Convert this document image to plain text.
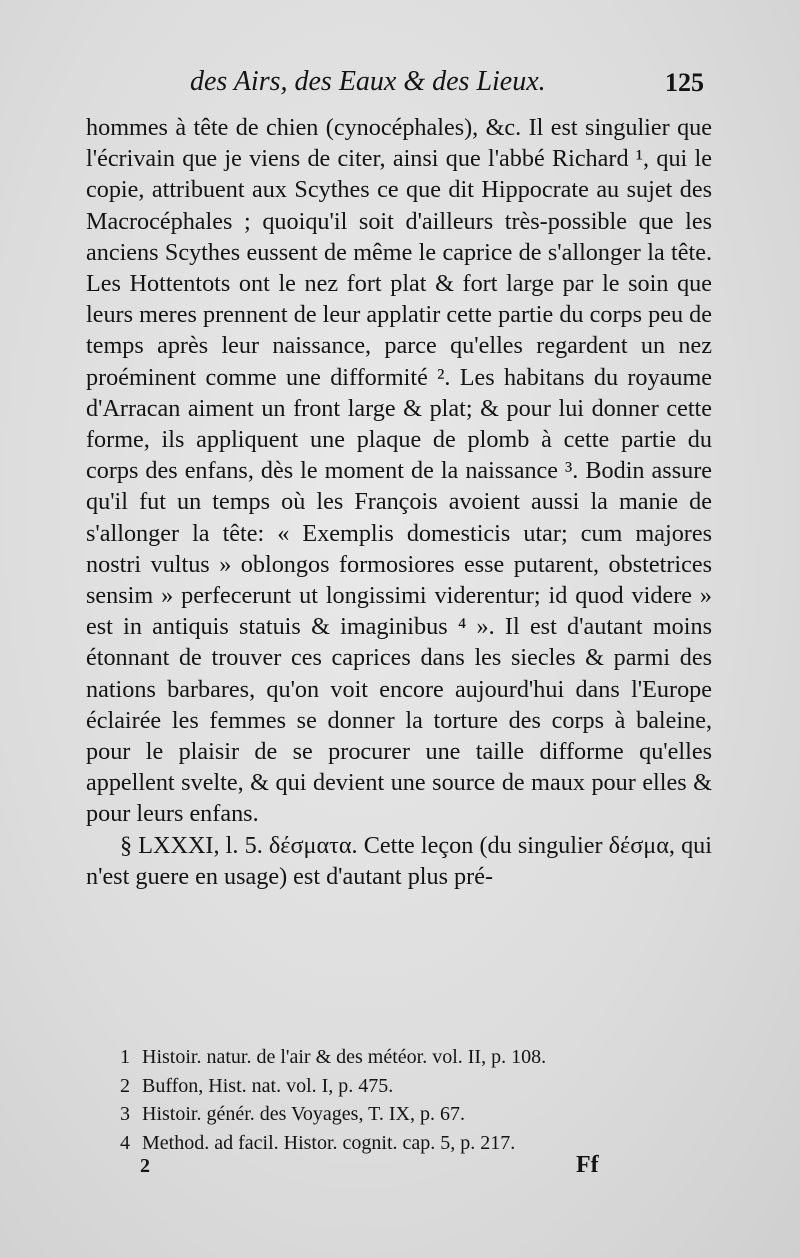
des Airs, des Eaux & des Lieux.	125

hommes à tête de chien (cynocéphales), &c. Il est singulier que l'écrivain que je viens de citer, ainsi que l'abbé Richard ¹, qui le copie, attribuent aux Scythes ce que dit Hippocrate au sujet des Macrocéphales ; quoiqu'il soit d'ailleurs très-possible que les anciens Scythes eussent de même le caprice de s'allonger la tête. Les Hottentots ont le nez fort plat & fort large par le soin que leurs meres prennent de leur applatir cette partie du corps peu de temps après leur naissance, parce qu'elles regardent un nez proéminent comme une difformité ². Les habitans du royaume d'Arracan aiment un front large & plat; & pour lui donner cette forme, ils appliquent une plaque de plomb à cette partie du corps des enfans, dès le moment de la naissance ³. Bodin assure qu'il fut un temps où les François avoient aussi la manie de s'allonger la tête: « Exemplis domesticis utar; cum majores nostri vultus » oblongos formosiores esse putarent, obstetrices sensim » perfecerunt ut longissimi viderentur; id quod videre » est in antiquis statuis & imaginibus ⁴ ». Il est d'autant moins étonnant de trouver ces caprices dans les siecles & parmi des nations barbares, qu'on voit encore aujourd'hui dans l'Europe éclairée les femmes se donner la torture des corps à baleine, pour le plaisir de se procurer une taille difforme qu'elles appellent svelte, & qui devient une source de maux pour elles & pour leurs enfans.

§ LXXXI, l. 5. δέσματα. Cette leçon (du singulier δέσμα, qui n'est guere en usage) est d'autant plus pré-

1 Histoir. natur. de l'air & des météor. vol. II, p. 108.
2 Buffon, Hist. nat. vol. I, p. 475.
3 Histoir. génér. des Voyages, T. IX, p. 67.
4 Method. ad facil. Histor. cognit. cap. 5, p. 217.
2	Ff
